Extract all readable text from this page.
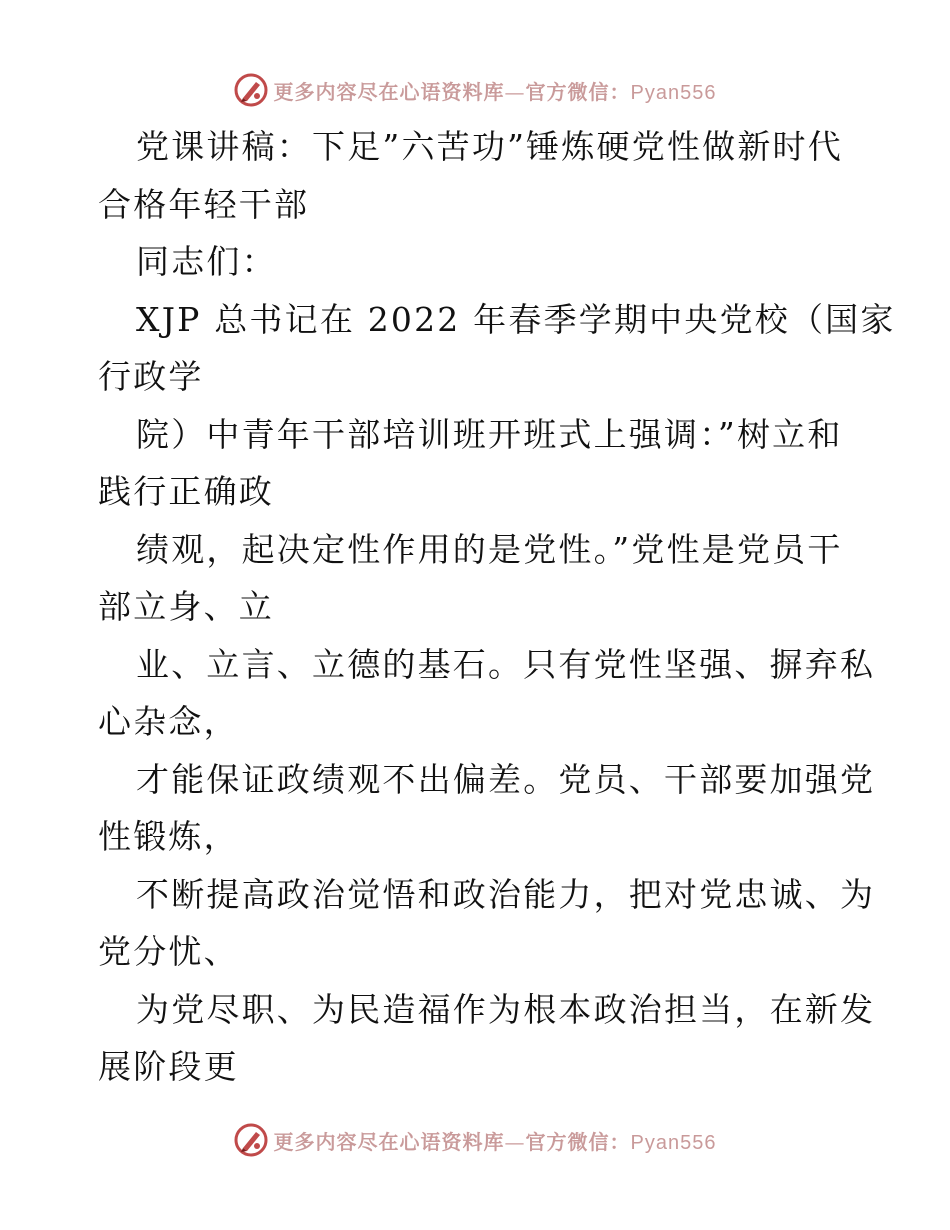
更多内容尽在心语资料库—官方微信：Pyan556
党课讲稿：下足”六苦功”锤炼硬党性做新时代
合格年轻干部
同志们：
XJP 总书记在 2022 年春季学期中央党校（国家
行政学
院）中青年干部培训班开班式上强调：”树立和
践行正确政
绩观，起决定性作用的是党性。”党性是党员干
部立身、立
业、立言、立德的基石。只有党性坚强、摒弃私
心杂念，
才能保证政绩观不出偏差。党员、干部要加强党
性锻炼，
不断提高政治觉悟和政治能力，把对党忠诚、为
党分忧、
为党尽职、为民造福作为根本政治担当，在新发
展阶段更
更多内容尽在心语资料库—官方微信：Pyan556
